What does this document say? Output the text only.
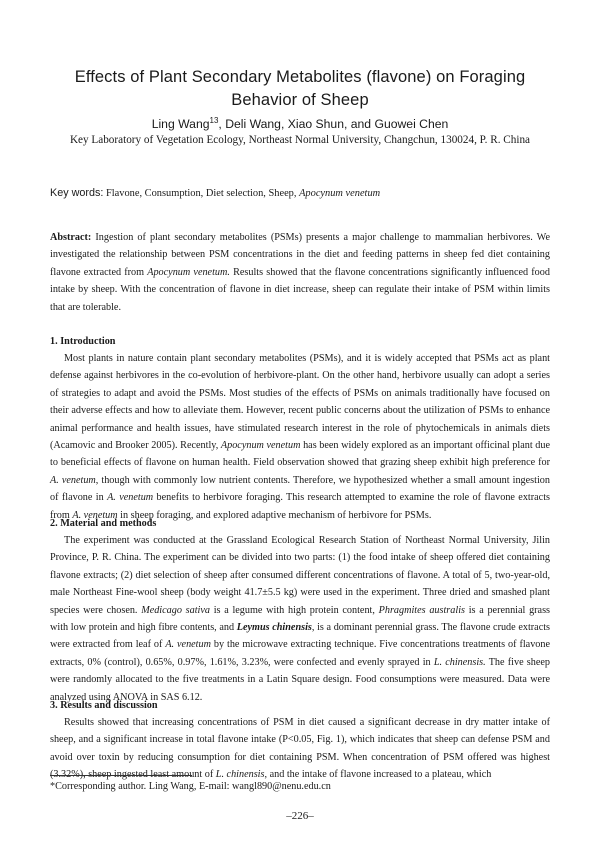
Effects of Plant Secondary Metabolites (flavone) on Foraging Behavior of Sheep
Ling Wang$^{13}$, Deli Wang, Xiao Shun, and Guowei Chen
Key Laboratory of Vegetation Ecology, Northeast Normal University, Changchun, 130024, P. R. China
Key words: Flavone, Consumption, Diet selection, Sheep, Apocynum venetum
Abstract: Ingestion of plant secondary metabolites (PSMs) presents a major challenge to mammalian herbivores. We investigated the relationship between PSM concentrations in the diet and feeding patterns in sheep fed diet containing flavone extracted from Apocynum venetum. Results showed that the flavone concentrations significantly influenced food intake by sheep. With the concentration of flavone in diet increase, sheep can regulate their intake of PSM within limits that are tolerable.
1. Introduction

Most plants in nature contain plant secondary metabolites (PSMs), and it is widely accepted that PSMs act as plant defense against herbivores in the co-evolution of herbivore-plant. On the other hand, herbivore usually can adopt a series of strategies to adapt and avoid the PSMs. Most studies of the effects of PSMs on animals traditionally have focused on their adverse effects and how to alleviate them. However, recent public concerns about the utilization of PSMs to enhance animal performance and health issues, have stimulated research interest in the role of phytochemicals in animals diets (Acamovic and Brooker 2005). Recently, Apocynum venetum has been widely explored as an important officinal plant due to beneficial effects of flavone on human health. Field observation showed that grazing sheep exhibit high preference for A. venetum, though with commonly low nutrient contents. Therefore, we hypothesized whether a small amount ingestion of flavone in A. venetum benefits to herbivore foraging. This research attempted to examine the role of flavone extracts from A. venetum in sheep foraging, and explored adaptive mechanism of herbivore for PSMs.

2. Material and methods

The experiment was conducted at the Grassland Ecological Research Station of Northeast Normal University, Jilin Province, P. R. China. The experiment can be divided into two parts: (1) the food intake of sheep offered diet containing flavone extracts; (2) diet selection of sheep after consumed different concentrations of flavone. A total of 5, two-year-old, male Northeast Fine-wool sheep (body weight 41.7±5.5 kg) were used in the experiment. Three dried and smashed plant species were chosen. Medicago sativa is a legume with high protein content, Phragmites australis is a perennial grass with low protein and high fibre contents, and Leymus chinensis, is a dominant perennial grass. The flavone crude extracts were extracted from leaf of A. venetum by the microwave extracting technique. Five concentrations treatments of flavone extracts, 0% (control), 0.65%, 0.97%, 1.61%, 3.23%, were confected and evenly sprayed in L. chinensis. The five sheep were randomly allocated to the five treatments in a Latin Square design. Food consumptions were measured. Data were analyzed using ANOVA in SAS 6.12.

3. Results and discussion

Results showed that increasing concentrations of PSM in diet caused a significant decrease in dry matter intake of sheep, and a significant increase in total flavone intake (P<0.05, Fig. 1), which indicates that sheep can defense PSM and avoid over toxin by reducing consumption for diet containing PSM. When concentration of PSM offered was highest (3.32%), sheep ingested least amount of L. chinensis, and the intake of flavone increased to a plateau, which

*Corresponding author. Ling Wang, E-mail: wangl890@nenu.edu.cn
–226–
